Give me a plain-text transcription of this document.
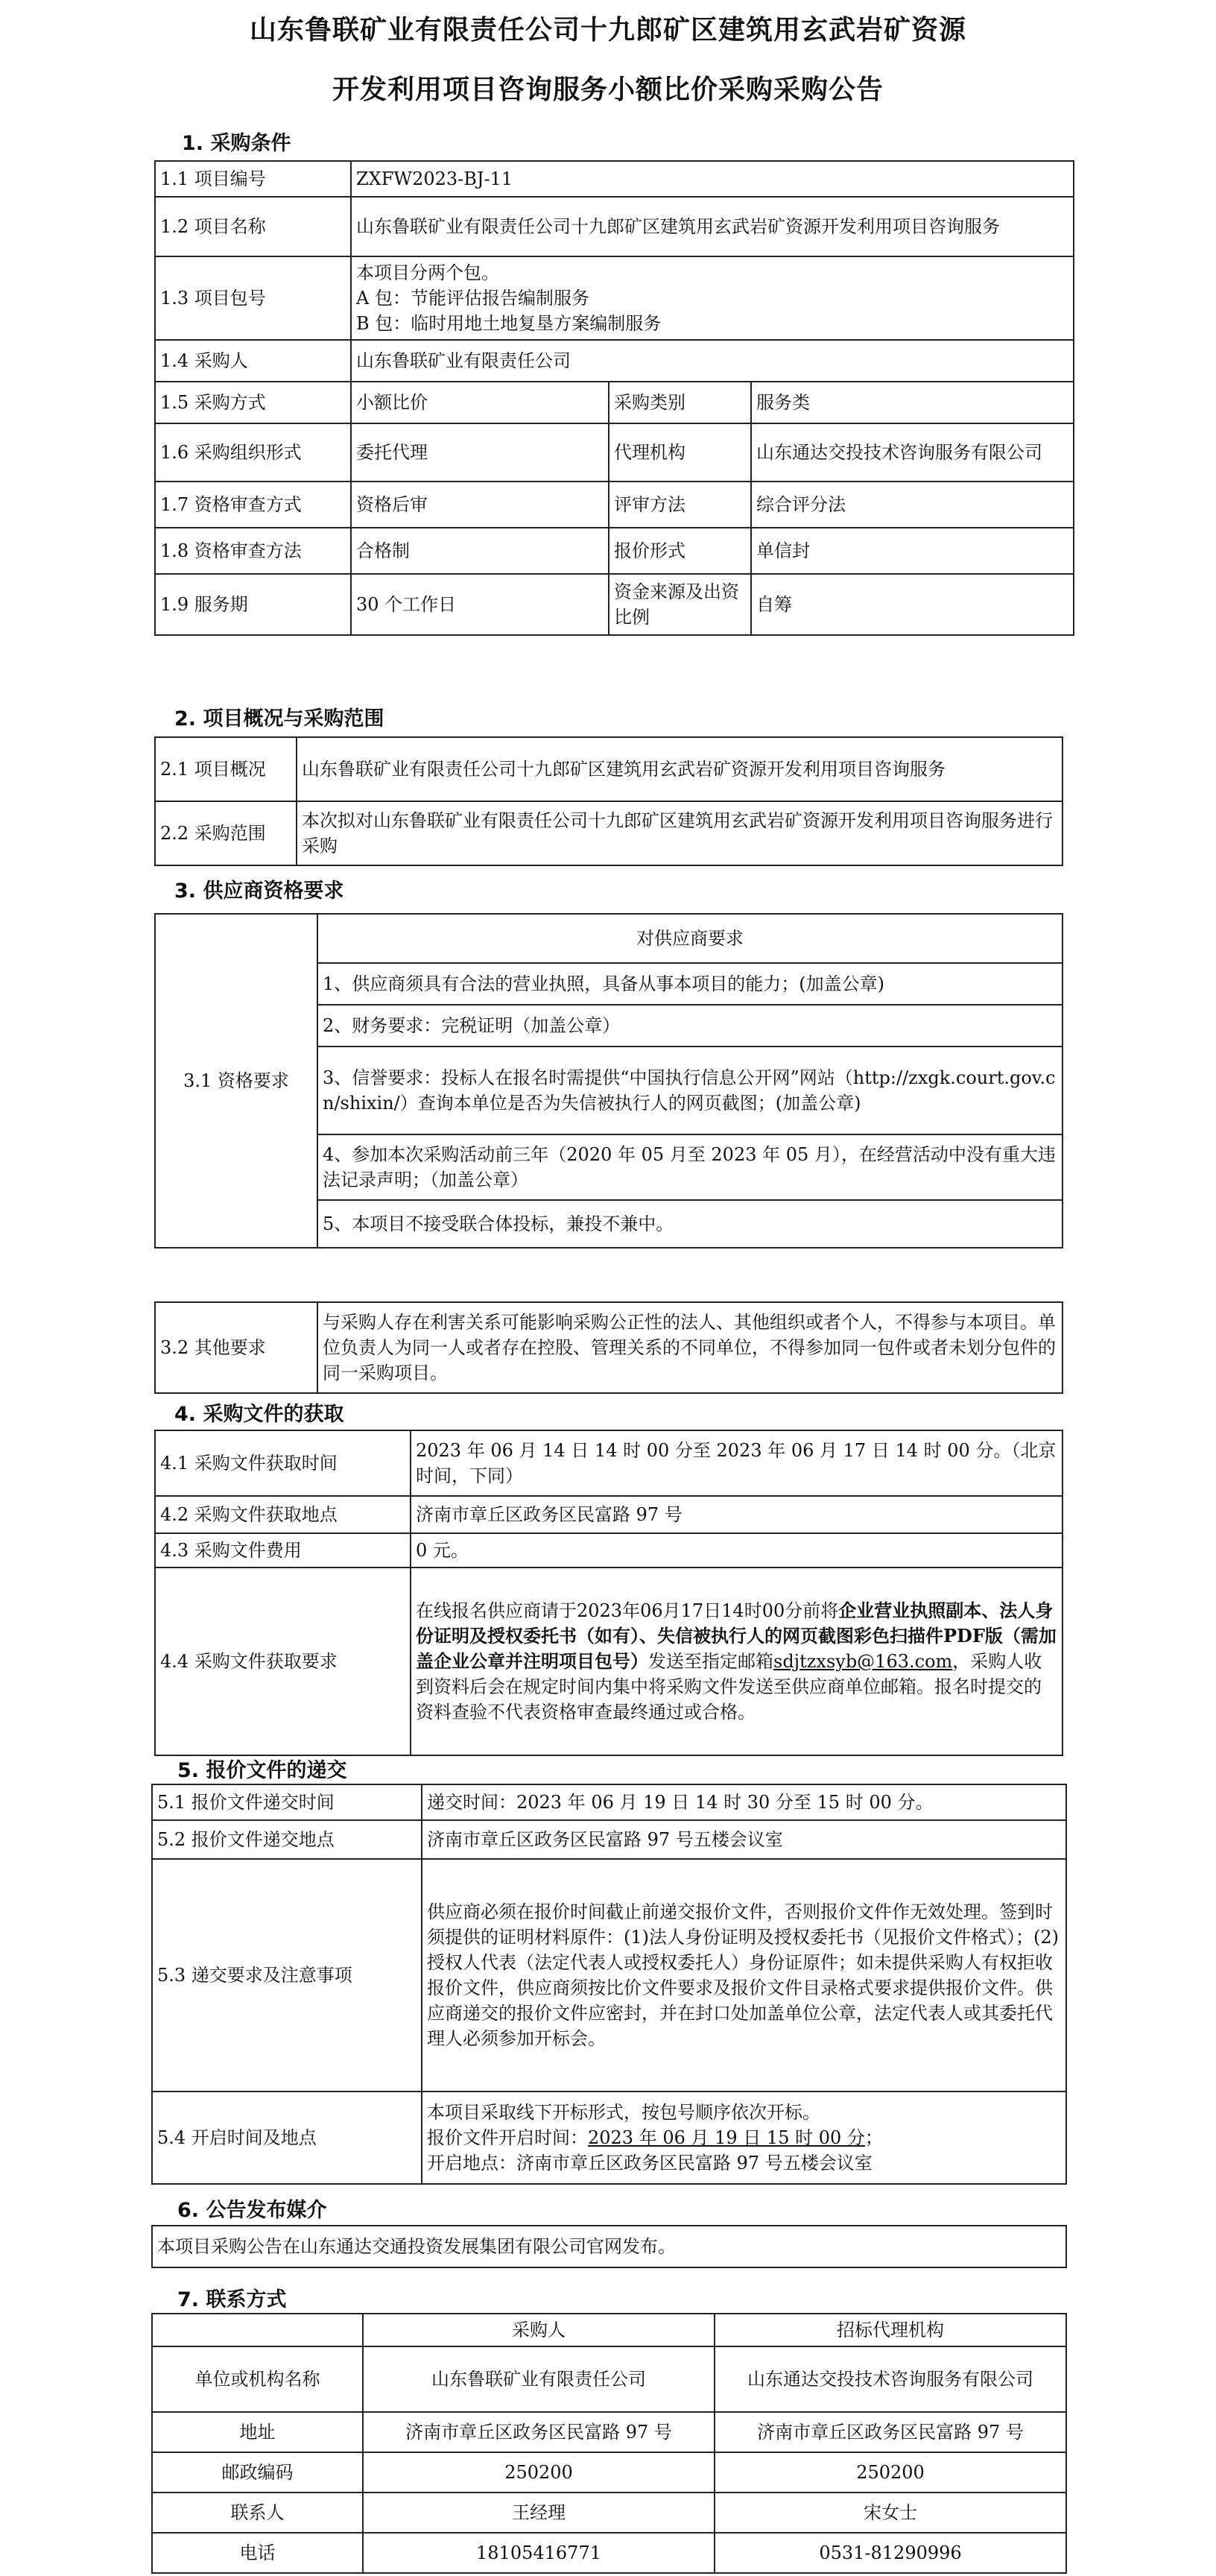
山东鲁联矿业有限责任公司十九郎矿区建筑用玄武岩矿资源
开发利用项目咨询服务小额比价采购采购公告
1. 采购条件
1.1 项目编号	ZXFW2023-BJ-11		
1.2 项目名称	山东鲁联矿业有限责任公司十九郎矿区建筑用玄武岩矿资源开发利用项目咨询服务		
1.3 项目包号	本项目分两个包。
A 包：节能评估报告编制服务
B 包：临时用地土地复垦方案编制服务		

1.4 采购人	山东鲁联矿业有限责任公司		
1.5 采购方式	小额比价	采购类别	服务类
1.6 采购组织形式	委托代理	代理机构	山东通达交投技术咨询服务有限公司
1.7 资格审查方式	资格后审	评审方法	综合评分法
1.8 资格审查方法	合格制	报价形式	单信封
1.9 服务期	30 个工作日	资金来源及出资比例	自筹
2. 项目概况与采购范围
2.1 项目概况	山东鲁联矿业有限责任公司十九郎矿区建筑用玄武岩矿资源开发利用项目咨询服务
2.2 采购范围	本次拟对山东鲁联矿业有限责任公司十九郎矿区建筑用玄武岩矿资源开发利用项目咨询服务进行采购
3. 供应商资格要求
3.1 资格要求	对供应商要求
1、供应商须具有合法的营业执照，具备从事本项目的能力；(加盖公章)
2、财务要求：完税证明（加盖公章）
3、信誉要求：投标人在报名时需提供“中国执行信息公开网”网站（http://zxgk.court.gov.cn/shixin/）查询本单位是否为失信被执行人的网页截图；(加盖公章)
4、参加本次采购活动前三年（2020 年 05 月至 2023 年 05 月），在经营活动中没有重大违法记录声明；（加盖公章）
5、本项目不接受联合体投标，兼投不兼中。
3.2 其他要求	与采购人存在利害关系可能影响采购公正性的法人、其他组织或者个人，不得参与本项目。单位负责人为同一人或者存在控股、管理关系的不同单位，不得参加同一包件或者未划分包件的同一采购项目。
4. 采购文件的获取
4.1 采购文件获取时间	2023 年 06 月 14 日 14 时 00 分至 2023 年 06 月 17 日 14 时 00 分。（北京时间，下同）
4.2 采购文件获取地点	济南市章丘区政务区民富路 97 号
4.3 采购文件费用	0 元。
4.4 采购文件获取要求	在线报名供应商请于2023年06月17日14时00分前将企业营业执照副本、法人身份证明及授权委托书（如有）、失信被执行人的网页截图彩色扫描件PDF版（需加盖企业公章并注明项目包号）发送至指定邮箱sdjtzxsyb@163.com，采购人收到资料后会在规定时间内集中将采购文件发送至供应商单位邮箱。报名时提交的资料查验不代表资格审查最终通过或合格。
5. 报价文件的递交
5.1 报价文件递交时间	递交时间：2023 年 06 月 19 日 14 时 30 分至 15 时 00 分。
5.2 报价文件递交地点	济南市章丘区政务区民富路 97 号五楼会议室
5.3 递交要求及注意事项	供应商必须在报价时间截止前递交报价文件，否则报价文件作无效处理。签到时须提供的证明材料原件：(1)法人身份证明及授权委托书（见报价文件格式）；(2)授权人代表（法定代表人或授权委托人）身份证原件；如未提供采购人有权拒收报价文件，供应商须按比价文件要求及报价文件目录格式要求提供报价文件。供应商递交的报价文件应密封，并在封口处加盖单位公章，法定代表人或其委托代理人必须参加开标会。
5.4 开启时间及地点	本项目采取线下开标形式，按包号顺序依次开标。
报价文件开启时间：2023 年 06 月 19 日 15 时 00 分；
开启地点：济南市章丘区政务区民富路 97 号五楼会议室
6. 公告发布媒介
本项目采购公告在山东通达交通投资发展集团有限公司官网发布。
7. 联系方式
	采购人	招标代理机构
单位或机构名称	山东鲁联矿业有限责任公司	山东通达交投技术咨询服务有限公司
地址	济南市章丘区政务区民富路 97 号	济南市章丘区政务区民富路 97 号
邮政编码	250200	250200
联系人	王经理	宋女士
电话	18105416771	0531-81290996
